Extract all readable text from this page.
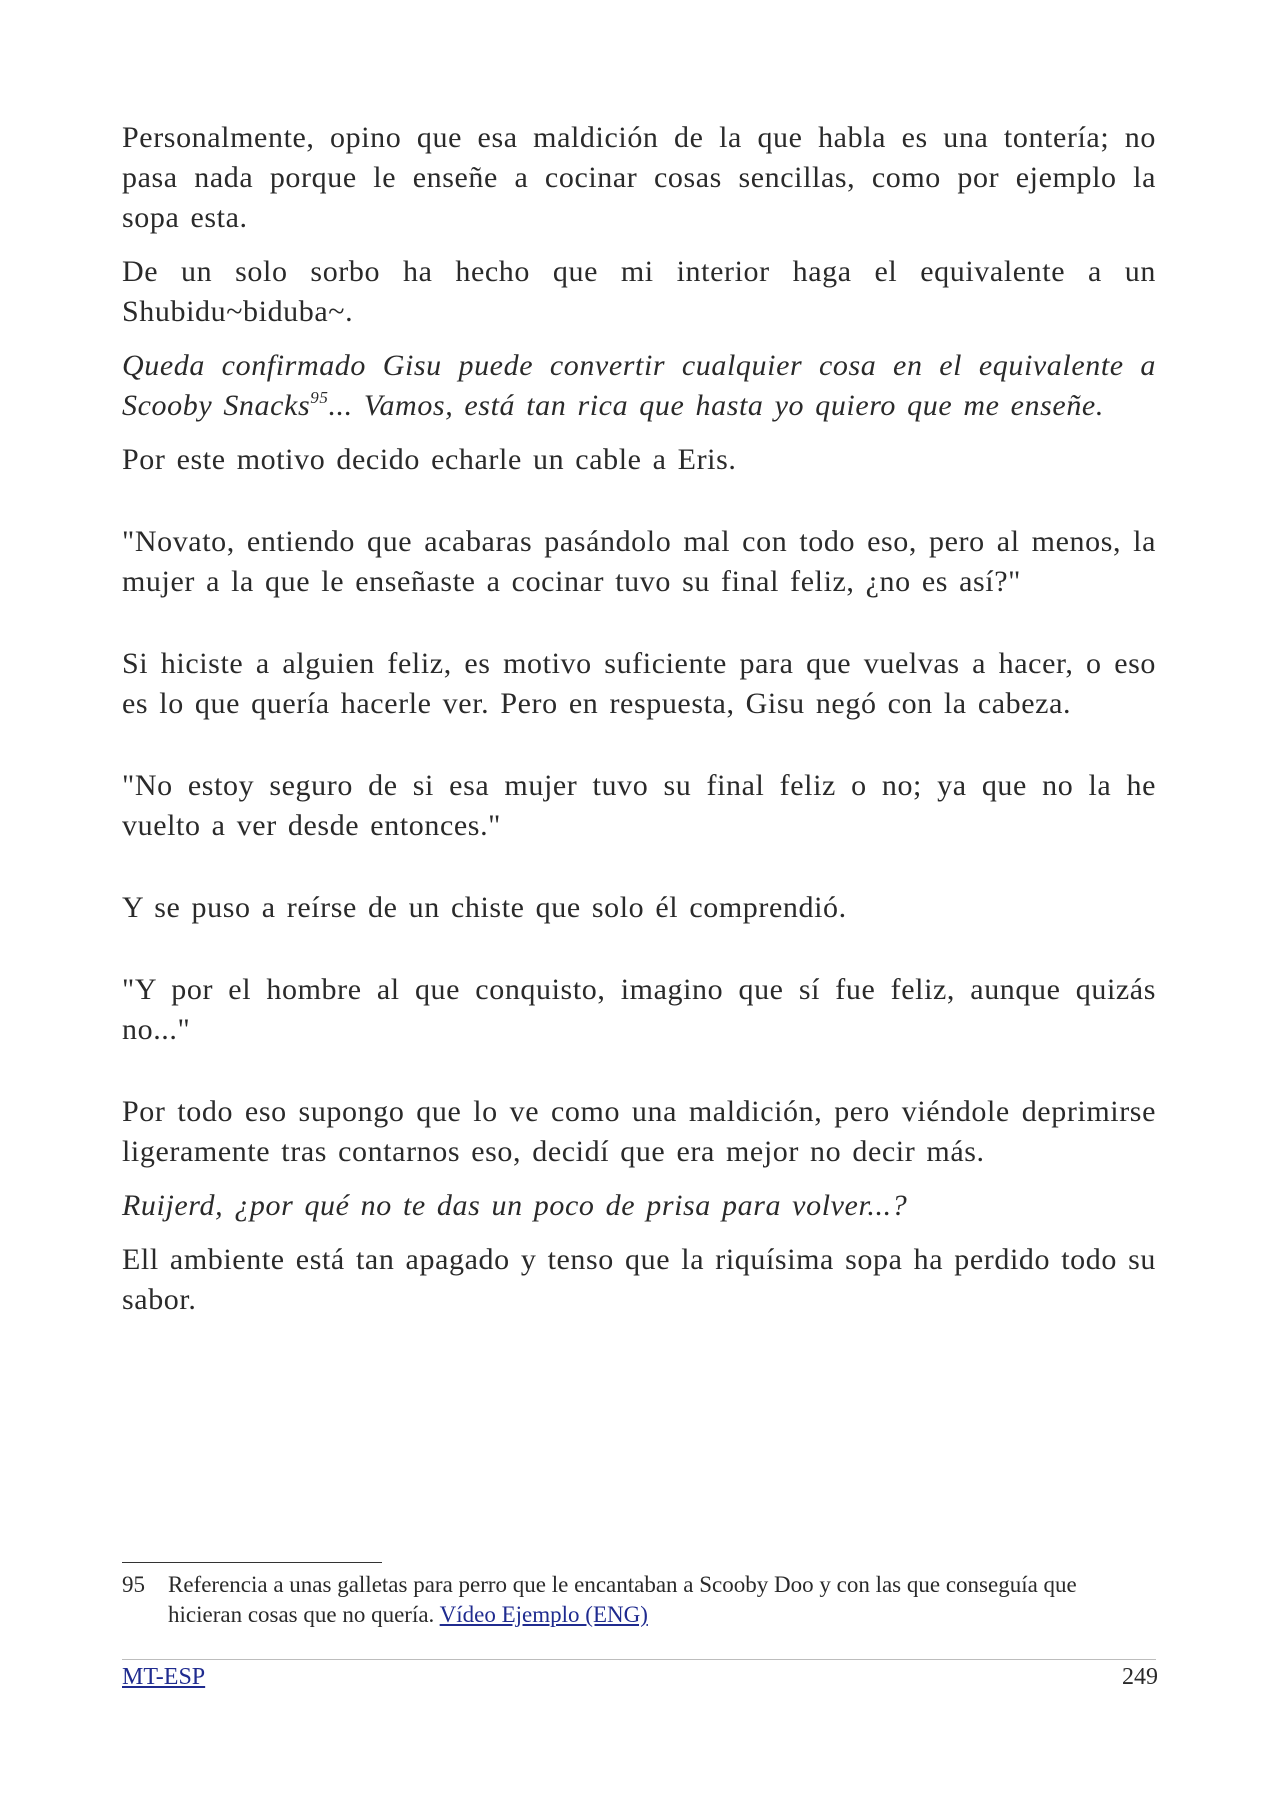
Personalmente, opino que esa maldición de la que habla es una tontería; no pasa nada porque le enseñe a cocinar cosas sencillas, como por ejemplo la sopa esta.

De un solo sorbo ha hecho que mi interior haga el equivalente a un Shubidu~biduba~.

Queda confirmado Gisu puede convertir cualquier cosa en el equivalente a Scooby Snacks$^{95}$... Vamos, está tan rica que hasta yo quiero que me enseñe.

Por este motivo decido echarle un cable a Eris.

"Novato, entiendo que acabaras pasándolo mal con todo eso, pero al menos, la mujer a la que le enseñaste a cocinar tuvo su final feliz, ¿no es así?"

Si hiciste a alguien feliz, es motivo suficiente para que vuelvas a hacer, o eso es lo que quería hacerle ver. Pero en respuesta, Gisu negó con la cabeza.

"No estoy seguro de si esa mujer tuvo su final feliz o no; ya que no la he vuelto a ver desde entonces."

Y se puso a reírse de un chiste que solo él comprendió.

"Y por el hombre al que conquisto, imagino que sí fue feliz, aunque quizás no..."

Por todo eso supongo que lo ve como una maldición, pero viéndole deprimirse ligeramente tras contarnos eso, decidí que era mejor no decir más.

Ruijerd, ¿por qué no te das un poco de prisa para volver...?

Ell ambiente está tan apagado y tenso que la riquísima sopa ha perdido todo su sabor.

95 Referencia a unas galletas para perro que le encantaban a Scooby Doo y con las que conseguía que hicieran cosas que no quería. Vídeo Ejemplo (ENG)
MT-ESP	249
